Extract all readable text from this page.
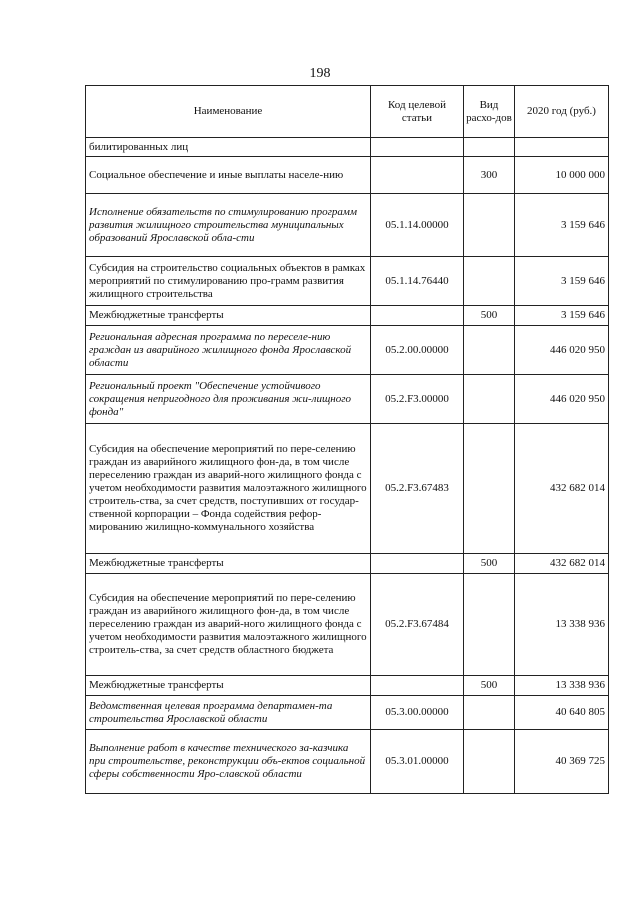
198
Наименование	Код целевой статьи	Вид расхо-дов	2020 год (руб.)
билитированных лиц			
Социальное обеспечение и иные выплаты населе-нию		300	10 000 000
Исполнение обязательств по стимулированию программ развития жилищного строительства муниципальных образований Ярославской обла-сти	05.1.14.00000		3 159 646
Субсидия на строительство социальных объектов в рамках мероприятий по стимулированию про-грамм развития жилищного строительства	05.1.14.76440		3 159 646
Межбюджетные трансферты		500	3 159 646
Региональная адресная программа по переселе-нию граждан из аварийного жилищного фонда Ярославской области	05.2.00.00000		446 020 950
Региональный проект "Обеспечение устойчивого сокращения непригодного для проживания жи-лищного фонда"	05.2.F3.00000		446 020 950
Субсидия на обеспечение мероприятий по пере-селению граждан из аварийного жилищного фон-да, в том числе переселению граждан из аварий-ного жилищного фонда с учетом необходимости развития малоэтажного жилищного строитель-ства, за счет средств, поступивших от государ-ственной корпорации – Фонда содействия рефор-мированию жилищно-коммунального хозяйства	05.2.F3.67483		432 682 014
Межбюджетные трансферты		500	432 682 014
Субсидия на обеспечение мероприятий по пере-селению граждан из аварийного жилищного фон-да, в том числе переселению граждан из аварий-ного жилищного фонда с учетом необходимости развития малоэтажного жилищного строитель-ства, за счет средств областного бюджета	05.2.F3.67484		13 338 936
Межбюджетные трансферты		500	13 338 936
Ведомственная целевая программа департамен-та строительства Ярославской области	05.3.00.00000		40 640 805
Выполнение работ в качестве технического за-казчика при строительстве, реконструкции объ-ектов социальной сферы собственности Яро-славской области	05.3.01.00000		40 369 725
